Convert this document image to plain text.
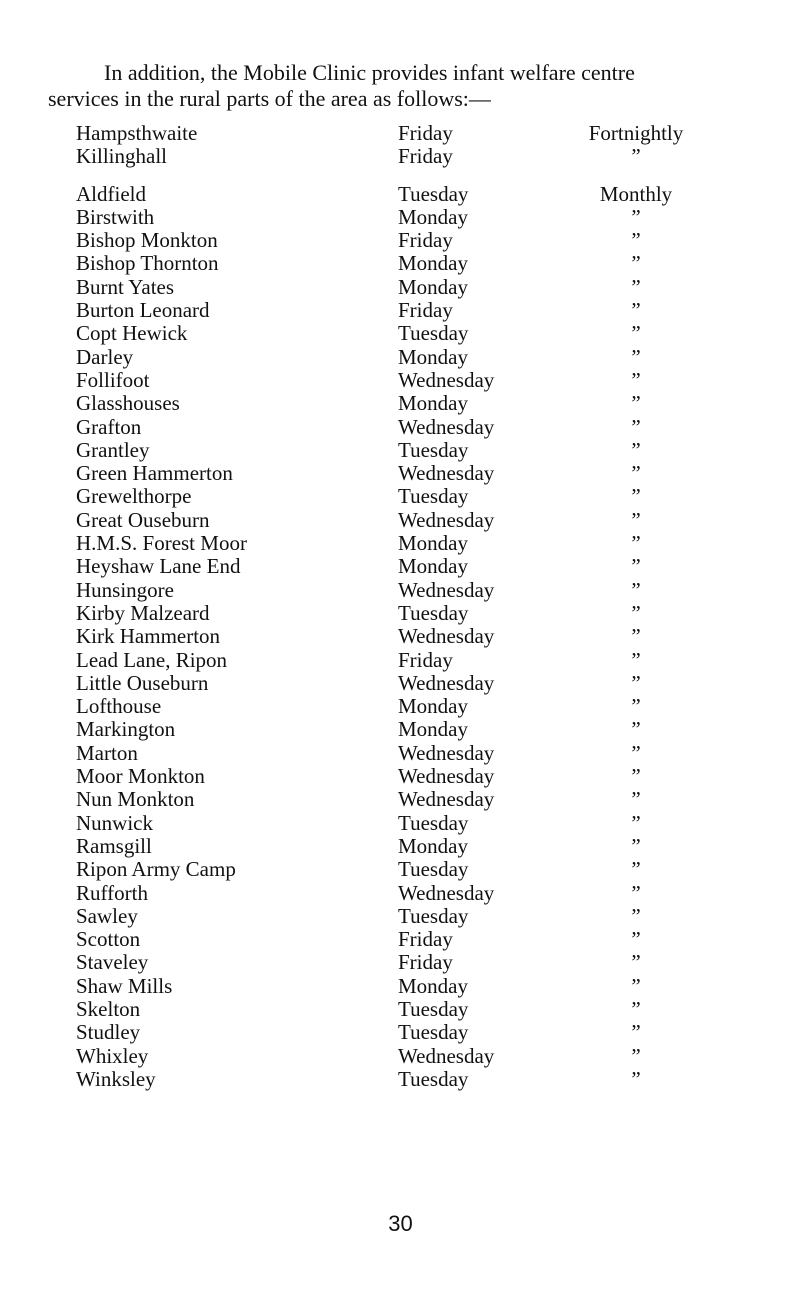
In addition, the Mobile Clinic provides infant welfare centre
services in the rural parts of the area as follows:—

Hampsthwaite	Friday	Fortnightly
Killinghall	Friday	”
Aldfield	Tuesday	Monthly
Birstwith	Monday	”
Bishop Monkton	Friday	”
Bishop Thornton	Monday	”
Burnt Yates	Monday	”
Burton Leonard	Friday	”
Copt Hewick	Tuesday	”
Darley	Monday	”
Follifoot	Wednesday	”
Glasshouses	Monday	”
Grafton	Wednesday	”
Grantley	Tuesday	”
Green Hammerton	Wednesday	”
Grewelthorpe	Tuesday	”
Great Ouseburn	Wednesday	”
H.M.S. Forest Moor	Monday	”
Heyshaw Lane End	Monday	”
Hunsingore	Wednesday	”
Kirby Malzeard	Tuesday	”
Kirk Hammerton	Wednesday	”
Lead Lane, Ripon	Friday	”
Little Ouseburn	Wednesday	”
Lofthouse	Monday	”
Markington	Monday	”
Marton	Wednesday	”
Moor Monkton	Wednesday	”
Nun Monkton	Wednesday	”
Nunwick	Tuesday	”
Ramsgill	Monday	”
Ripon Army Camp	Tuesday	”
Rufforth	Wednesday	”
Sawley	Tuesday	”
Scotton	Friday	”
Staveley	Friday	”
Shaw Mills	Monday	”
Skelton	Tuesday	”
Studley	Tuesday	”
Whixley	Wednesday	”
Winksley	Tuesday	”
30
